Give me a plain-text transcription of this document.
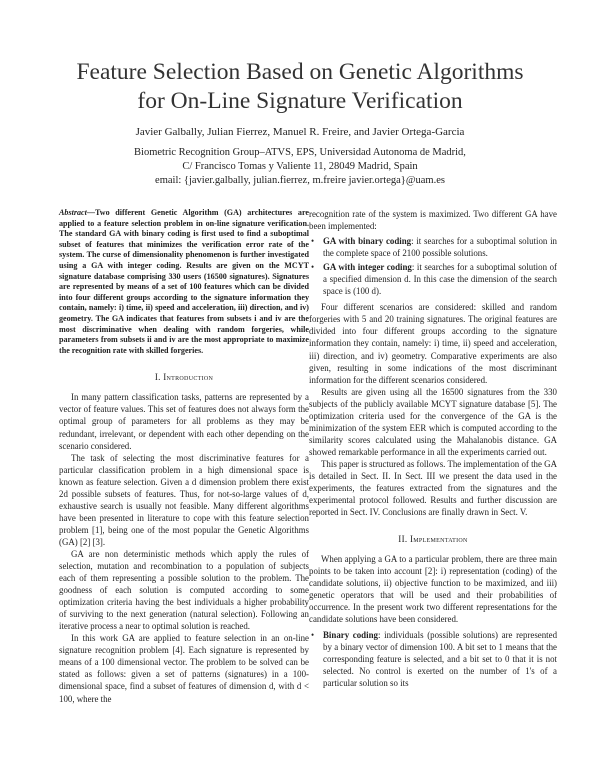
Feature Selection Based on Genetic Algorithms
for On-Line Signature Verification
Javier Galbally, Julian Fierrez, Manuel R. Freire, and Javier Ortega-Garcia
Biometric Recognition Group–ATVS, EPS, Universidad Autonoma de Madrid,
C/ Francisco Tomas y Valiente 11, 28049 Madrid, Spain
email: {javier.galbally, julian.fierrez, m.freire javier.ortega}@uam.es
Abstract—Two different Genetic Algorithm (GA) architectures are applied to a feature selection problem in on-line signature verification. The standard GA with binary coding is first used to find a suboptimal subset of features that minimizes the verification error rate of the system. The curse of dimensionality phenomenon is further investigated using a GA with integer coding. Results are given on the MCYT signature database comprising 330 users (16500 signatures). Signatures are represented by means of a set of 100 features which can be divided into four different groups according to the signature information they contain, namely: i) time, ii) speed and acceleration, iii) direction, and iv) geometry. The GA indicates that features from subsets i and iv are the most discriminative when dealing with random forgeries, while parameters from subsets ii and iv are the most appropriate to maximize the recognition rate with skilled forgeries.
I. Introduction

In many pattern classification tasks, patterns are represented by a vector of feature values. This set of features does not always form the optimal group of parameters for all problems as they may be redundant, irrelevant, or dependent with each other depending on the scenario considered.

The task of selecting the most discriminative features for a particular classification problem in a high dimensional space is known as feature selection. Given a d dimension problem there exist 2d possible subsets of features. Thus, for not-so-large values of d, exhaustive search is usually not feasible. Many different algorithms have been presented in literature to cope with this feature selection problem [1], being one of the most popular the Genetic Algorithms (GA) [2] [3].

GA are non deterministic methods which apply the rules of selection, mutation and recombination to a population of subjects each of them representing a possible solution to the problem. The goodness of each solution is computed according to some optimization criteria having the best individuals a higher probability of surviving to the next generation (natural selection). Following an iterative process a near to optimal solution is reached.

In this work GA are applied to feature selection in an on-line signature recognition problem [4]. Each signature is represented by means of a 100 dimensional vector. The problem to be solved can be stated as follows: given a set of patterns (signatures) in a 100-dimensional space, find a subset of features of dimension d, with d < 100, where the

recognition rate of the system is maximized. Two different GA have been implemented:

• GA with binary coding: it searches for a suboptimal solution in the complete space of 2100 possible solutions.
• GA with integer coding: it searches for a suboptimal solution of a specified dimension d. In this case the dimension of the search space is (100 d).

Four different scenarios are considered: skilled and random forgeries with 5 and 20 training signatures. The original features are divided into four different groups according to the signature information they contain, namely: i) time, ii) speed and acceleration, iii) direction, and iv) geometry. Comparative experiments are also given, resulting in some indications of the most discriminant information for the different scenarios considered.

Results are given using all the 16500 signatures from the 330 subjects of the publicly available MCYT signature database [5]. The optimization criteria used for the convergence of the GA is the minimization of the system EER which is computed according to the similarity scores calculated using the Mahalanobis distance. GA showed remarkable performance in all the experiments carried out.

This paper is structured as follows. The implementation of the GA is detailed in Sect. II. In Sect. III we present the data used in the experiments, the features extracted from the signatures and the experimental protocol followed. Results and further discussion are reported in Sect. IV. Conclusions are finally drawn in Sect. V.

II. Implementation

When applying a GA to a particular problem, there are three main points to be taken into account [2]: i) representation (coding) of the candidate solutions, ii) objective function to be maximized, and iii) genetic operators that will be used and their probabilities of occurrence. In the present work two different representations for the candidate solutions have been considered.

• Binary coding: individuals (possible solutions) are represented by a binary vector of dimension 100. A bit set to 1 means that the corresponding feature is selected, and a bit set to 0 that it is not selected. No control is exerted on the number of 1's of a particular solution so its
